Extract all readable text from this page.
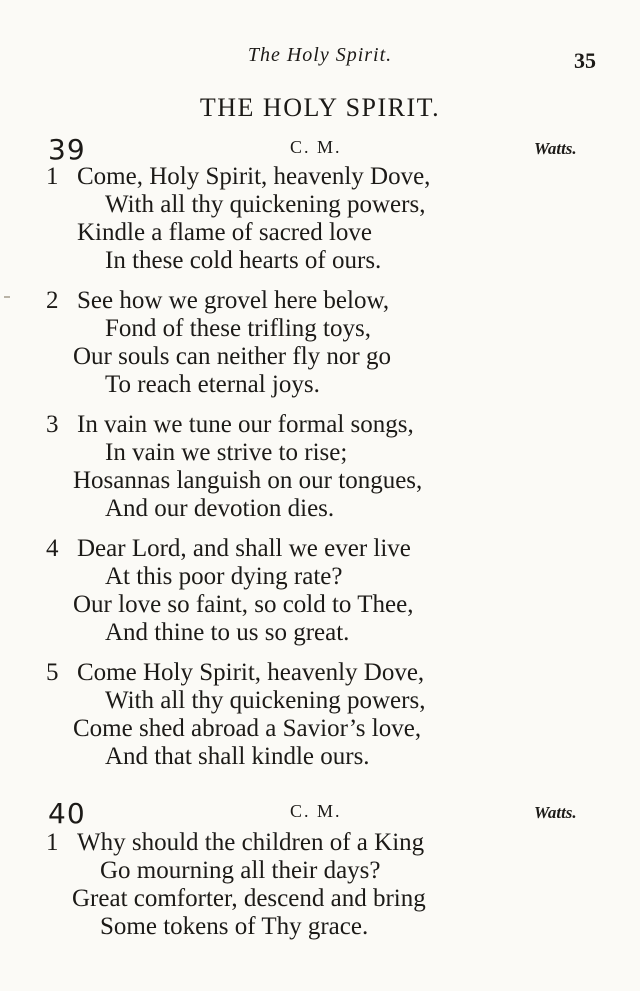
The Holy Spirit.	35
THE HOLY SPIRIT.
39	C. M.	Watts.
1 Come, Holy Spirit, heavenly Dove,
With all thy quickening powers,
Kindle a flame of sacred love
In these cold hearts of ours.
2 See how we grovel here below,
Fond of these trifling toys,
Our souls can neither fly nor go
To reach eternal joys.
3 In vain we tune our formal songs,
In vain we strive to rise;
Hosannas languish on our tongues,
And our devotion dies.
4 Dear Lord, and shall we ever live
At this poor dying rate?
Our love so faint, so cold to Thee,
And thine to us so great.
5 Come Holy Spirit, heavenly Dove,
With all thy quickening powers,
Come shed abroad a Savior’s love,
And that shall kindle ours.
40	C. M.	Watts.
1 Why should the children of a King
Go mourning all their days?
Great comforter, descend and bring
Some tokens of Thy grace.
